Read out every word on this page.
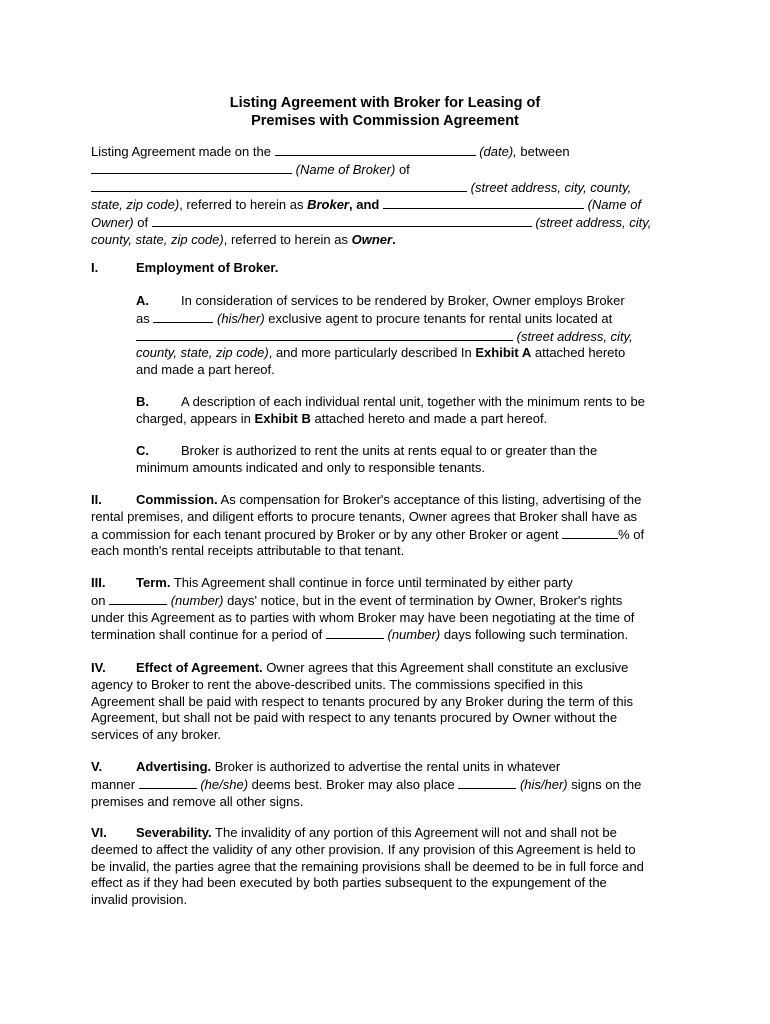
Listing Agreement with Broker for Leasing of
Premises with Commission Agreement
Listing Agreement made on the	(date), between
(Name of Broker) of
(street address, city, county,
state, zip code), referred to herein as Broker, and	(Name of
Owner) of	(street address, city,
county, state, zip code), referred to herein as Owner.
I.	Employment of Broker.
A. In consideration of services to be rendered by Broker, Owner employs Broker
as	(his/her) exclusive agent to procure tenants for rental units located at
(street address, city,
county, state, zip code), and more particularly described In Exhibit A attached hereto
and made a part hereof.
B. A description of each individual rental unit, together with the minimum rents to be
charged, appears in Exhibit B attached hereto and made a part hereof.
C. Broker is authorized to rent the units at rents equal to or greater than the
minimum amounts indicated and only to responsible tenants.
II.	Commission. As compensation for Broker's acceptance of this listing, advertising of the
rental premises, and diligent efforts to procure tenants, Owner agrees that Broker shall have as
a commission for each tenant procured by Broker or by any other Broker or agent	% of
each month's rental receipts attributable to that tenant.
III. Term. This Agreement shall continue in force until terminated by either party
on	(number) days' notice, but in the event of termination by Owner, Broker's rights
under this Agreement as to parties with whom Broker may have been negotiating at the time of
termination shall continue for a period of	(number) days following such termination.
IV. Effect of Agreement. Owner agrees that this Agreement shall constitute an exclusive
agency to Broker to rent the above-described units. The commissions specified in this
Agreement shall be paid with respect to tenants procured by any Broker during the term of this
Agreement, but shall not be paid with respect to any tenants procured by Owner without the
services of any broker.
V.	Advertising. Broker is authorized to advertise the rental units in whatever
manner	(he/she) deems best. Broker may also place	(his/her) signs on the
premises and remove all other signs.
VI. Severability. The invalidity of any portion of this Agreement will not and shall not be
deemed to affect the validity of any other provision. If any provision of this Agreement is held to
be invalid, the parties agree that the remaining provisions shall be deemed to be in full force and
effect as if they had been executed by both parties subsequent to the expungement of the
invalid provision.
